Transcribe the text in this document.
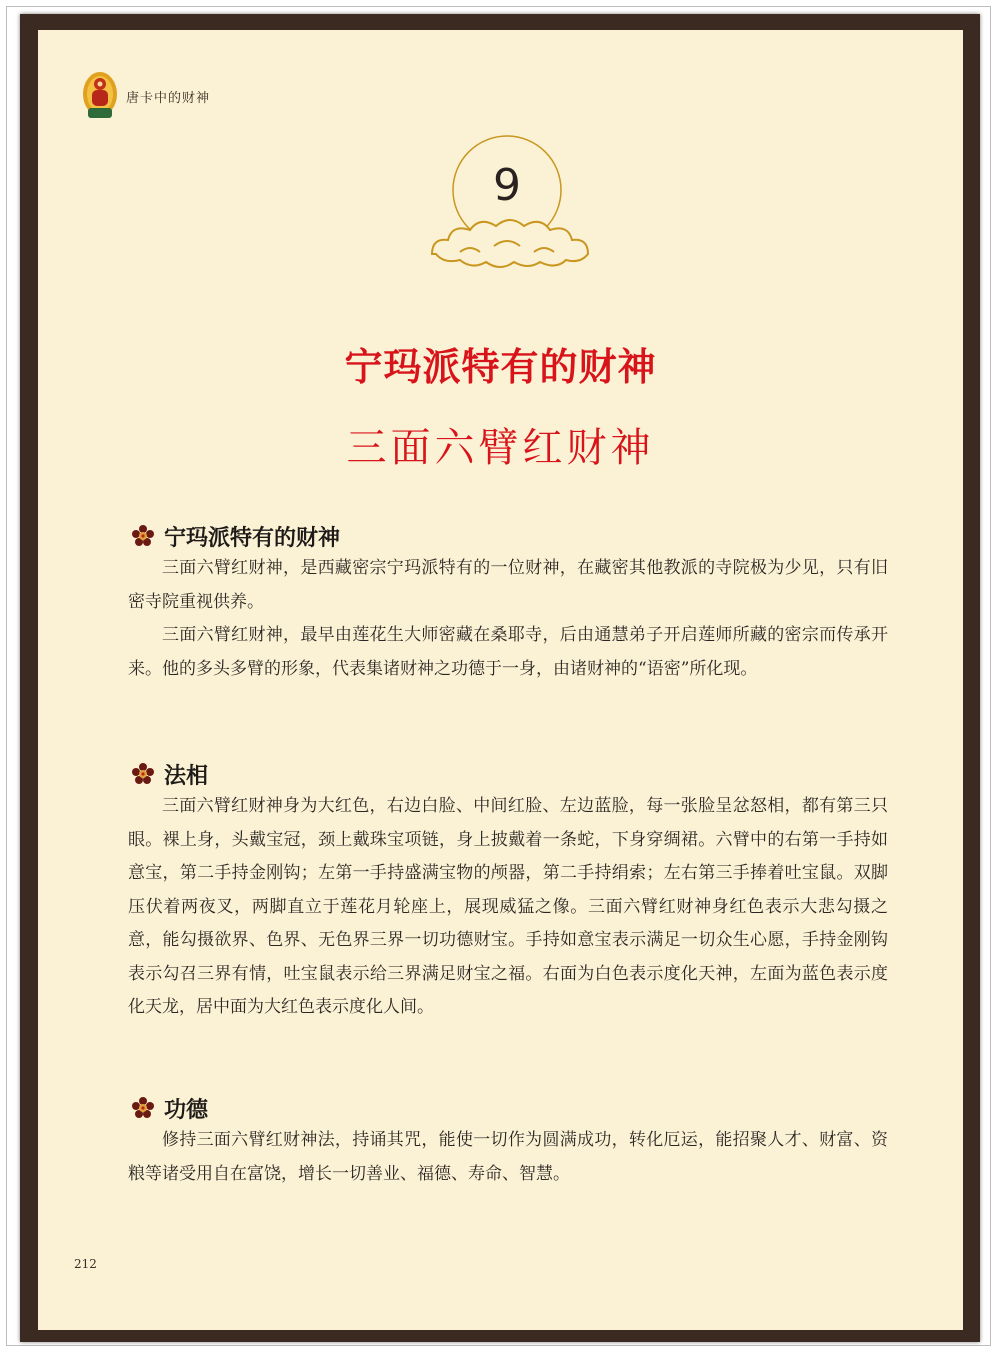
唐卡中的财神
9
宁玛派特有的财神
三面六臂红财神
宁玛派特有的财神

三面六臂红财神，是西藏密宗宁玛派特有的一位财神，在藏密其他教派的寺院极为少见，只有旧密寺院重视供养。

三面六臂红财神，最早由莲花生大师密藏在桑耶寺，后由通慧弟子开启莲师所藏的密宗而传承开来。他的多头多臂的形象，代表集诸财神之功德于一身，由诸财神的“语密”所化现。

法相

三面六臂红财神身为大红色，右边白脸、中间红脸、左边蓝脸，每一张脸呈忿怒相，都有第三只眼。裸上身，头戴宝冠，颈上戴珠宝项链，身上披戴着一条蛇，下身穿绸裙。六臂中的右第一手持如意宝，第二手持金刚钩；左第一手持盛满宝物的颅器，第二手持绢索；左右第三手捧着吐宝鼠。双脚压伏着两夜叉，两脚直立于莲花月轮座上，展现威猛之像。三面六臂红财神身红色表示大悲勾摄之意，能勾摄欲界、色界、无色界三界一切功德财宝。手持如意宝表示满足一切众生心愿，手持金刚钩表示勾召三界有情，吐宝鼠表示给三界满足财宝之福。右面为白色表示度化天神，左面为蓝色表示度化天龙，居中面为大红色表示度化人间。

功德

修持三面六臂红财神法，持诵其咒，能使一切作为圆满成功，转化厄运，能招聚人才、财富、资粮等诸受用自在富饶，增长一切善业、福德、寿命、智慧。

212
